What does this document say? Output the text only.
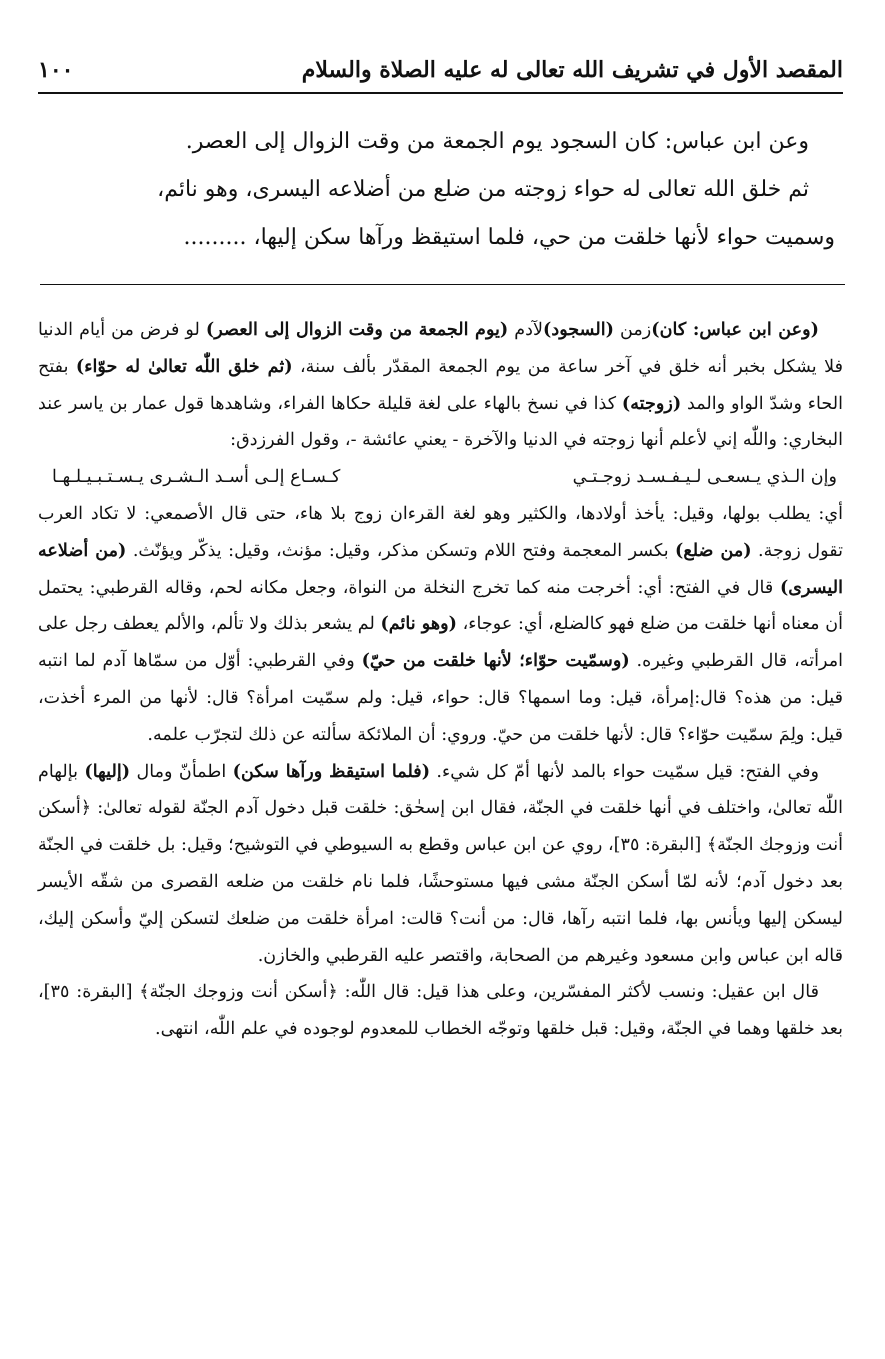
المقصد الأول في تشريف الله تعالى له عليه الصلاة والسلام
١٠٠

وعن ابن عباس: كان السجود يوم الجمعة من وقت الزوال إلى العصر.

ثم خلق الله تعالى له حواء زوجته من ضلع من أضلاعه اليسرى، وهو نائم،

وسميت حواء لأنها خلقت من حي، فلما استيقظ ورآها سكن إليها، .........

(وعن ابن عباس: كان)زمن (السجود)لآدم (يوم الجمعة من وقت الزوال إلى العصر) لو فرض من أيام الدنيا فلا يشكل بخبر أنه خلق في آخر ساعة من يوم الجمعة المقدّر بألف سنة، (ثم خلق اللّٰه تعالىٰ له حوّاء) بفتح الحاء وشدّ الواو والمد (زوجته) كذا في نسخ بالهاء على لغة قليلة حكاها الفراء، وشاهدها قول عمار بن ياسر عند البخاري: واللّٰه إني لأعلم أنها زوجته في الدنيا والآخرة - يعني عائشة -، وقول الفرزدق:

وإن الـذي يـسعـى لـيـفـسـد زوجـتـي
كـسـاع إلـى أسـد الـشـرى يـسـتـبـيـلـهـا

أي: يطلب بولها، وقيل: يأخذ أولادها، والكثير وهو لغة القرءان زوج بلا هاء، حتى قال الأصمعي: لا تكاد العرب تقول زوجة. (من ضلع) بكسر المعجمة وفتح اللام وتسكن مذكر، وقيل: مؤنث، وقيل: يذكّر ويؤنّث. (من أضلاعه اليسرى) قال في الفتح: أي: أخرجت منه كما تخرج النخلة من النواة، وجعل مكانه لحم، وقاله القرطبي: يحتمل أن معناه أنها خلقت من ضلع فهو كالضلع، أي: عوجاء، (وهو نائم) لم يشعر بذلك ولا تألم، والألم يعطف رجل على امرأته، قال القرطبي وغيره. (وسمّيت حوّاء؛ لأنها خلقت من حيّ) وفي القرطبي: أوّل من سمّاها آدم لما انتبه قيل: من هذه؟ قال:إمرأة، قيل: وما اسمها؟ قال: حواء، قيل: ولم سمّيت امرأة؟ قال: لأنها من المرء أخذت، قيل: ولِمَ سمّيت حوّاء؟ قال: لأنها خلقت من حيّ. وروي: أن الملائكة سألته عن ذلك لتجرّب علمه.

وفي الفتح: قيل سمّيت حواء بالمد لأنها أمّ كل شيء. (فلما استيقظ ورآها سكن) اطمأنّ ومال (إليها) بإلهام اللّٰه تعالىٰ، واختلف في أنها خلقت في الجنّة، فقال ابن إسحٰق: خلقت قبل دخول آدم الجنّة لقوله تعالىٰ: ﴿أسكن أنت وزوجك الجنّة﴾ [البقرة: ٣٥]، روي عن ابن عباس وقطع به السيوطي في التوشيح؛ وقيل: بل خلقت في الجنّة بعد دخول آدم؛ لأنه لمّا أسكن الجنّة مشى فيها مستوحشًا، فلما نام خلقت من ضلعه القصرى من شقّه الأيسر ليسكن إليها ويأنس بها، فلما انتبه رآها، قال: من أنت؟ قالت: امرأة خلقت من ضلعك لتسكن إليّ وأسكن إليك، قاله ابن عباس وابن مسعود وغيرهم من الصحابة، واقتصر عليه القرطبي والخازن.

قال ابن عقيل: ونسب لأكثر المفسّرين، وعلى هذا قيل: قال اللّٰه: ﴿أسكن أنت وزوجك الجنّة﴾ [البقرة: ٣٥]، بعد خلقها وهما في الجنّة، وقيل: قبل خلقها وتوجّه الخطاب للمعدوم لوجوده في علم اللّٰه، انتهى.
